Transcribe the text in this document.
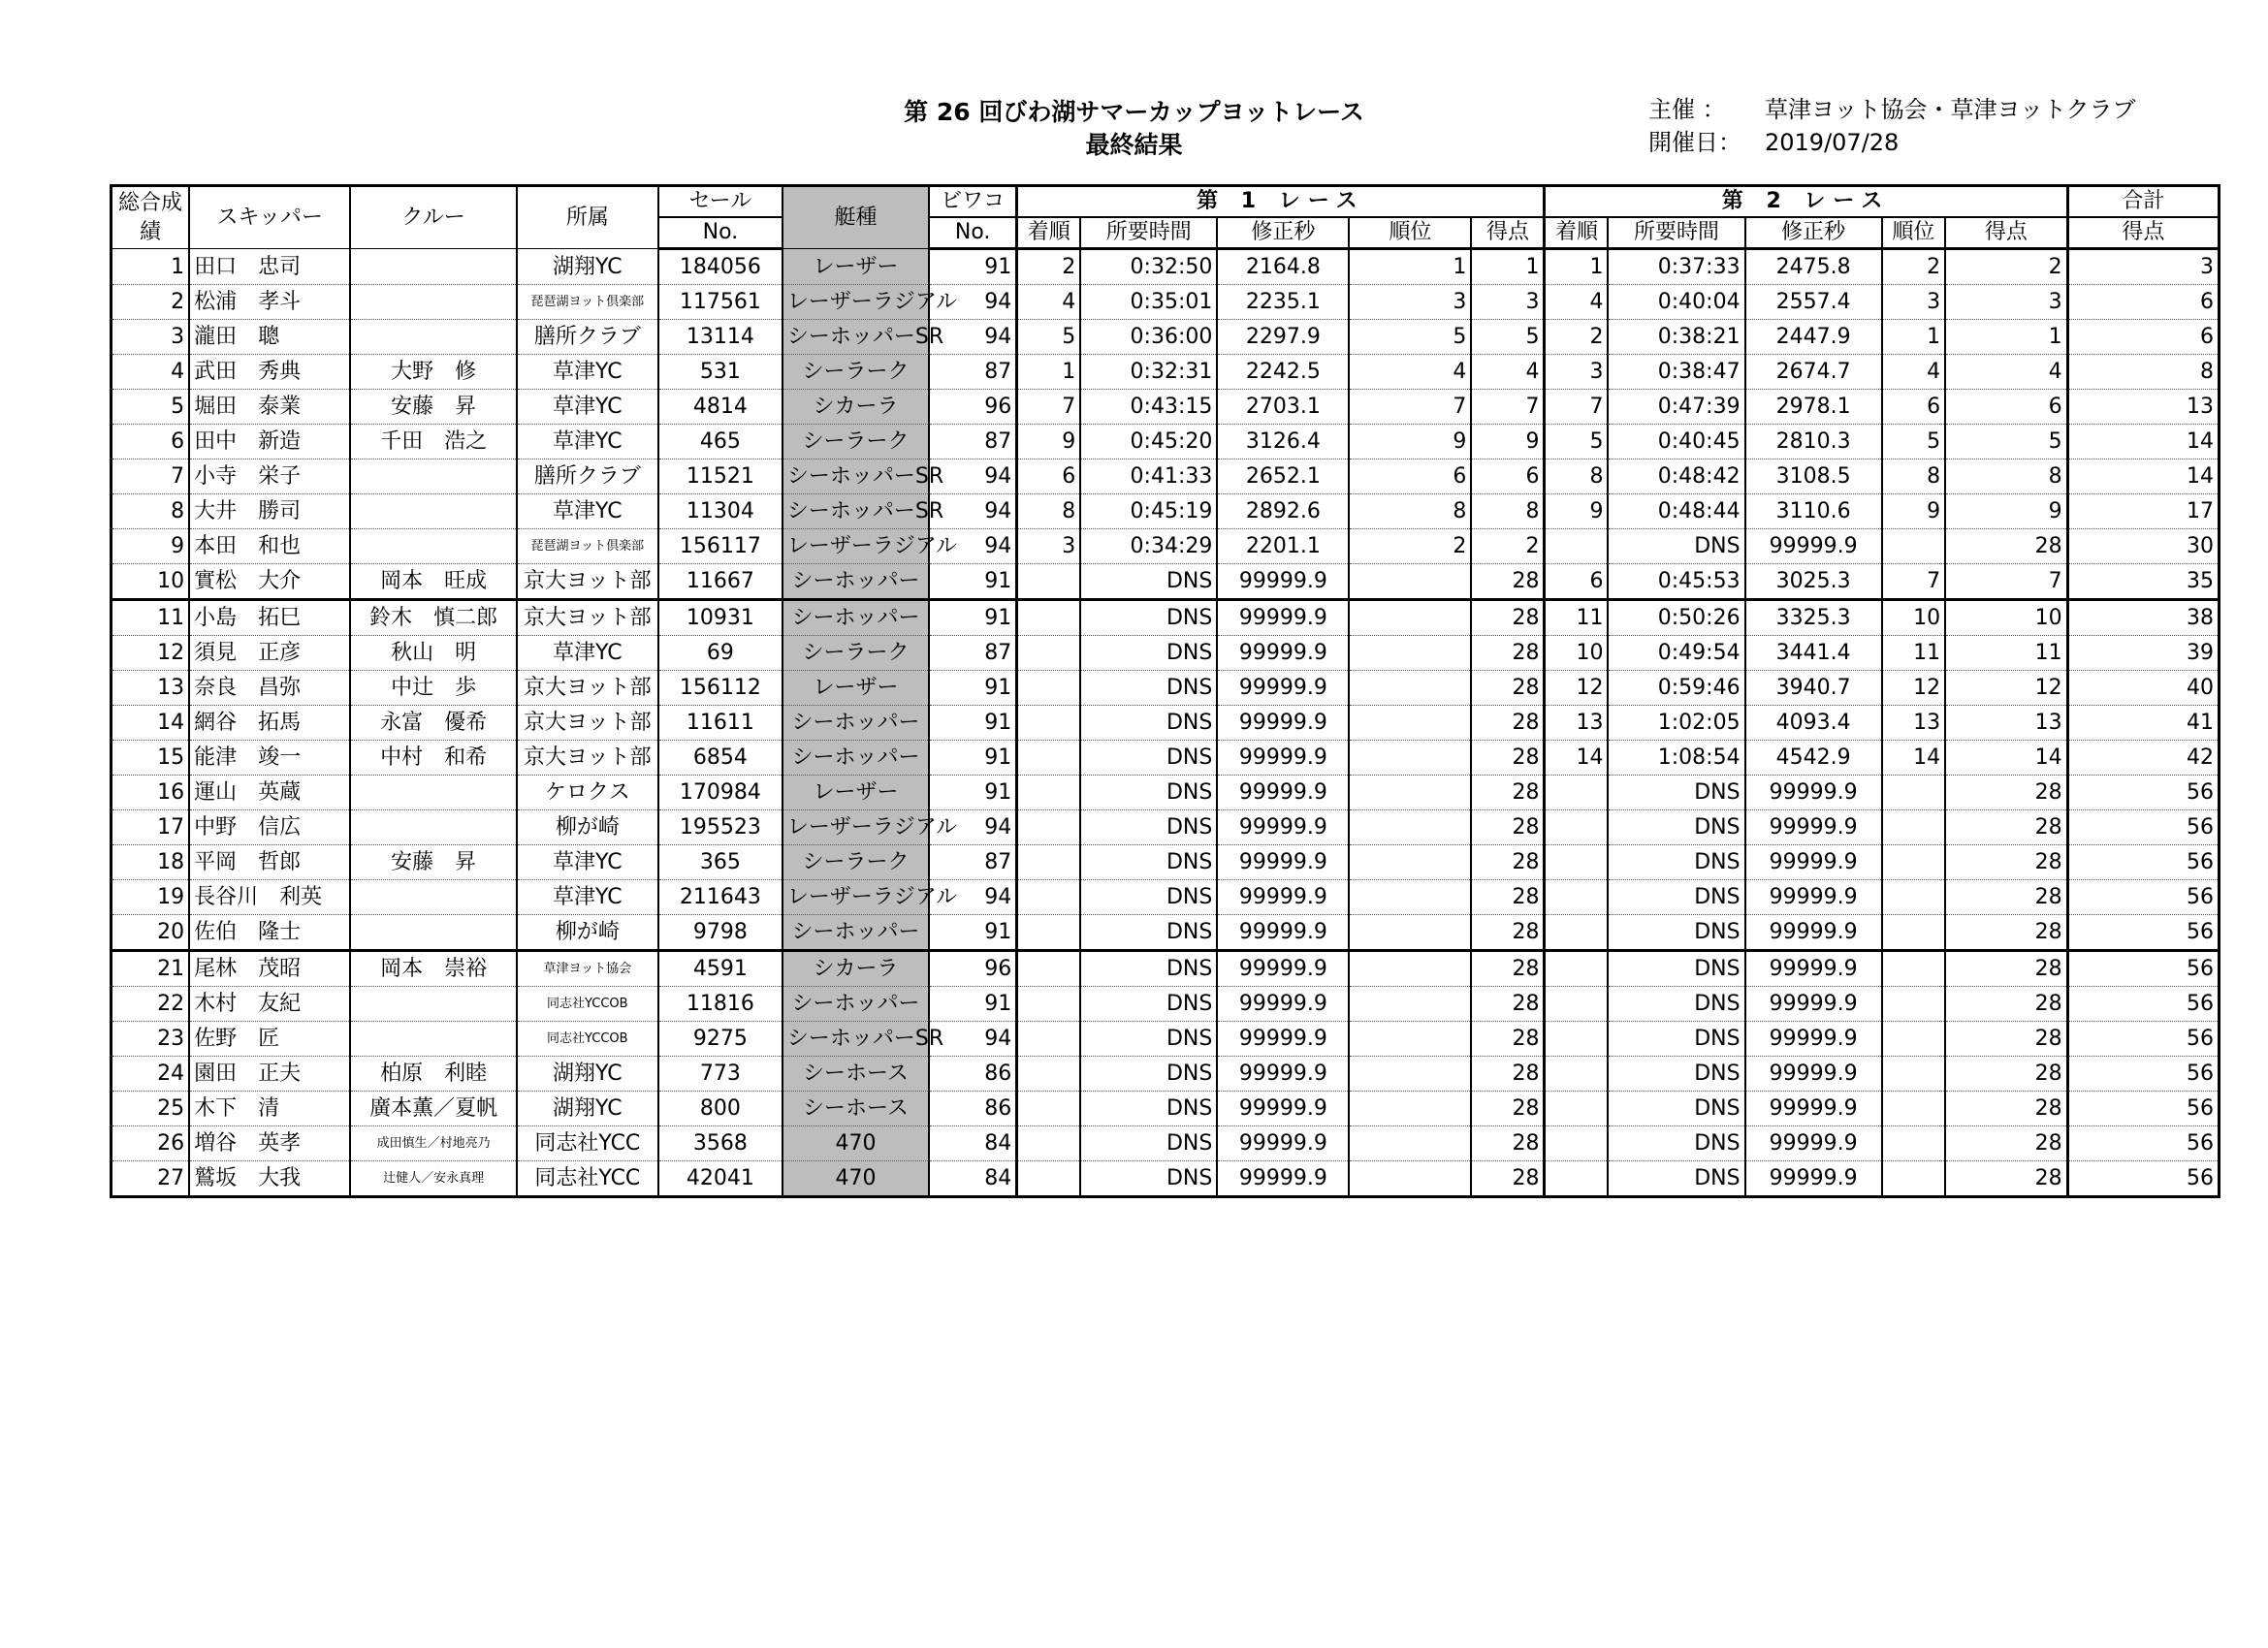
第 26 回びわ湖サマーカップヨットレース
最終結果
主催 ： 草津ヨット協会・草津ヨットクラブ
開催日： 2019/07/28
総合成績	スキッパー	クルー	所属	セール	艇種	ビワコ	第 1 レース					第 2 レース					合計
				No.		No.	着順	所要時間	修正秒	順位	得点	着順	所要時間	修正秒	順位	得点	得点
1	田口　忠司		湖翔YC	184056	レーザー	91	2	0:32:50	2164.8	1	1	1	0:37:33	2475.8	2	2	3
2	松浦　孝斗		琵琶湖ヨット倶楽部	117561	レーザーラジアル	94	4	0:35:01	2235.1	3	3	4	0:40:04	2557.4	3	3	6
3	瀧田　聰		膳所クラブ	13114	シーホッパーSR	94	5	0:36:00	2297.9	5	5	2	0:38:21	2447.9	1	1	6
4	武田　秀典	大野　修	草津YC	531	シーラーク	87	1	0:32:31	2242.5	4	4	3	0:38:47	2674.7	4	4	8
5	堀田　泰業	安藤　昇	草津YC	4814	シカーラ	96	7	0:43:15	2703.1	7	7	7	0:47:39	2978.1	6	6	13
6	田中　新造	千田　浩之	草津YC	465	シーラーク	87	9	0:45:20	3126.4	9	9	5	0:40:45	2810.3	5	5	14
7	小寺　栄子		膳所クラブ	11521	シーホッパーSR	94	6	0:41:33	2652.1	6	6	8	0:48:42	3108.5	8	8	14
8	大井　勝司		草津YC	11304	シーホッパーSR	94	8	0:45:19	2892.6	8	8	9	0:48:44	3110.6	9	9	17
9	本田　和也		琵琶湖ヨット倶楽部	156117	レーザーラジアル	94	3	0:34:29	2201.1	2	2		DNS	99999.9		28	30
10	實松　大介	岡本　旺成	京大ヨット部	11667	シーホッパー	91		DNS	99999.9		28	6	0:45:53	3025.3	7	7	35
11	小島　拓巳	鈴木　慎二郎	京大ヨット部	10931	シーホッパー	91		DNS	99999.9		28	11	0:50:26	3325.3	10	10	38
12	須見　正彦	秋山　明	草津YC	69	シーラーク	87		DNS	99999.9		28	10	0:49:54	3441.4	11	11	39
13	奈良　昌弥	中辻　歩	京大ヨット部	156112	レーザー	91		DNS	99999.9		28	12	0:59:46	3940.7	12	12	40
14	網谷　拓馬	永富　優希	京大ヨット部	11611	シーホッパー	91		DNS	99999.9		28	13	1:02:05	4093.4	13	13	41
15	能津　竣一	中村　和希	京大ヨット部	6854	シーホッパー	91		DNS	99999.9		28	14	1:08:54	4542.9	14	14	42
16	運山　英蔵		ケロクス	170984	レーザー	91		DNS	99999.9		28		DNS	99999.9		28	56
17	中野　信広		柳が崎	195523	レーザーラジアル	94		DNS	99999.9		28		DNS	99999.9		28	56
18	平岡　哲郎	安藤　昇	草津YC	365	シーラーク	87		DNS	99999.9		28		DNS	99999.9		28	56
19	長谷川　利英		草津YC	211643	レーザーラジアル	94		DNS	99999.9		28		DNS	99999.9		28	56
20	佐伯　隆士		柳が崎	9798	シーホッパー	91		DNS	99999.9		28		DNS	99999.9		28	56
21	尾林　茂昭	岡本　崇裕	草津ヨット協会	4591	シカーラ	96		DNS	99999.9		28		DNS	99999.9		28	56
22	木村　友紀		同志社YCCOB	11816	シーホッパー	91		DNS	99999.9		28		DNS	99999.9		28	56
23	佐野　匠		同志社YCCOB	9275	シーホッパーSR	94		DNS	99999.9		28		DNS	99999.9		28	56
24	園田　正夫	柏原　利睦	湖翔YC	773	シーホース	86		DNS	99999.9		28		DNS	99999.9		28	56
25	木下　清	廣本薫／夏帆	湖翔YC	800	シーホース	86		DNS	99999.9		28		DNS	99999.9		28	56
26	増谷　英孝	成田慎生／村地亮乃	同志社YCC	3568	470	84		DNS	99999.9		28		DNS	99999.9		28	56
27	鷲坂　大我	辻健人／安永真理	同志社YCC	42041	470	84		DNS	99999.9		28		DNS	99999.9		28	56
